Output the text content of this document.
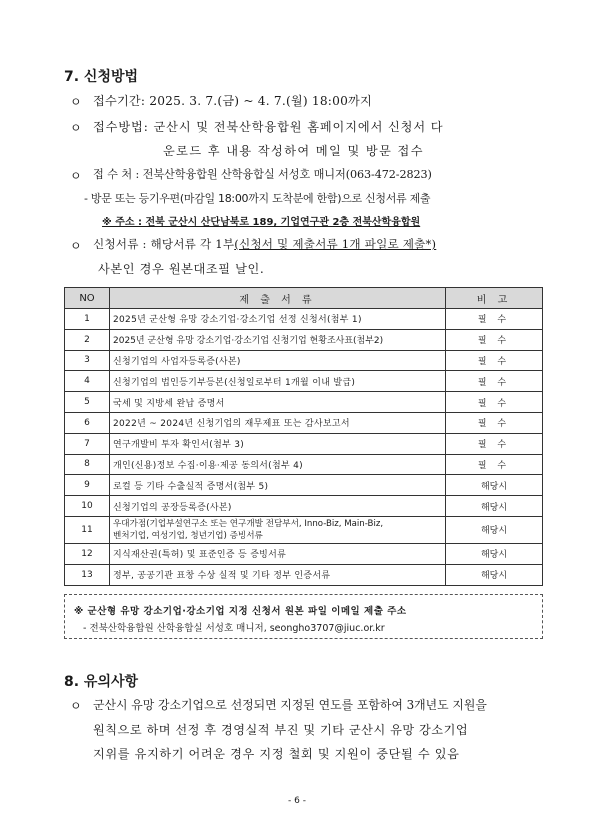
7. 신청방법
ㅇ 접수기간: 2025. 3. 7.(금) ~ 4. 7.(월) 18:00까지
ㅇ 접수방법: 군산시 및 전북산학융합원 홈페이지에서 신청서 다
운로드 후 내용 작성하여 메일 및 방문 접수
ㅇ 접 수 처 : 전북산학융합원 산학융합실 서성호 매니저(063-472-2823)
- 방문 또는 등기우편(마감일 18:00까지 도착분에 한함)으로 신청서류 제출
※ 주소 : 전북 군산시 산단남북로 189, 기업연구관 2층 전북산학융합원
ㅇ 신청서류 : 해당서류 각 1부(신청서 및 제출서류 1개 파일로 제출*)
사본인 경우 원본대조필 날인.
NO	제 출 서 류	비 고
1	2025년 군산형 유망 강소기업·강소기업 선정 신청서(첨부 1)	필 수
2	2025년 군산형 유망 강소기업·강소기업 신청기업 현황조사표(첨부2)	필 수
3	신청기업의 사업자등록증(사본)	필 수
4	신청기업의 법인등기부등본(신청일로부터 1개월 이내 발급)	필 수
5	국세 및 지방세 완납 증명서	필 수
6	2022년 ~ 2024년 신청기업의 재무제표 또는 감사보고서	필 수
7	연구개발비 투자 확인서(첨부 3)	필 수
8	개인(신용)정보 수집·이용·제공 동의서(첨부 4)	필 수
9	로컬 등 기타 수출실적 증명서(첨부 5)	해당시
10	신청기업의 공장등록증(사본)	해당시
11	우대가점(기업부설연구소 또는 연구개발 전담부서, Inno-Biz, Main-Biz,
벤처기업, 여성기업, 청년기업) 증빙서류	해당시
12	지식재산권(특허) 및 표준인증 등 증빙서류	해당시
13	정부, 공공기관 표창 수상 실적 및 기타 정부 인증서류	해당시
※ 군산형 유망 강소기업·강소기업 지정 신청서 원본 파일 이메일 제출 주소
- 전북산학융합원 산학융합실 서성호 매니저, seongho3707@jiuc.or.kr
8. 유의사항
ㅇ 군산시 유망 강소기업으로 선정되면 지정된 연도를 포함하여 3개년도 지원을
원칙으로 하며 선정 후 경영실적 부진 및 기타 군산시 유망 강소기업
지위를 유지하기 어려운 경우 지정 철회 및 지원이 중단될 수 있음
- 6 -
